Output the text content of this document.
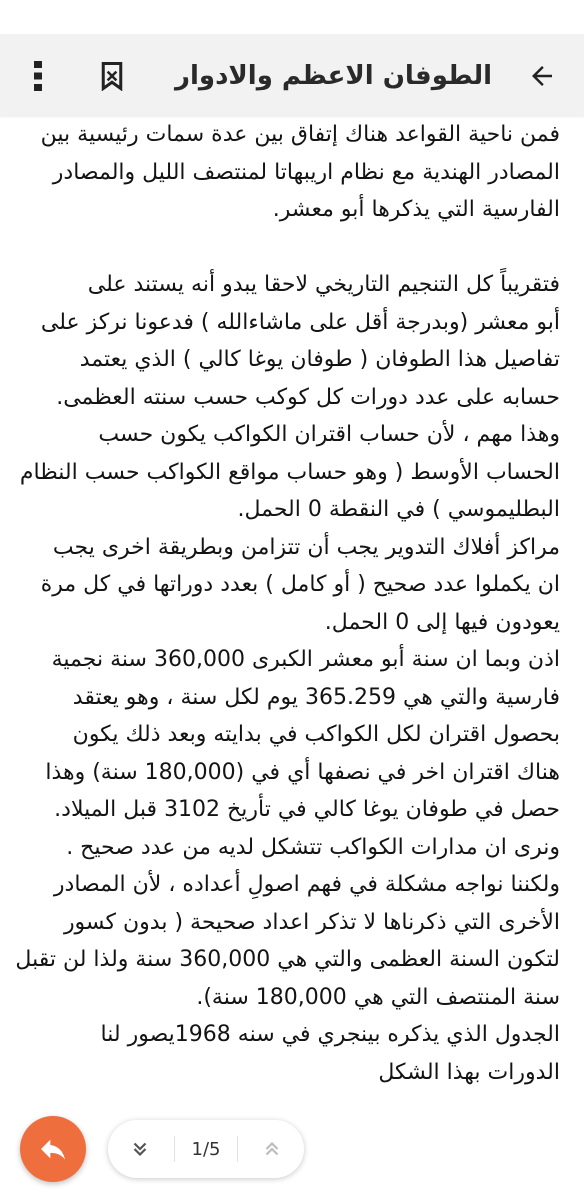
الطوفان الاعظم والادوار
فمن ناحية القواعد هناك إتفاق بين عدة سمات رئيسية بين
المصادر الهندية مع نظام اريبهاتا لمنتصف الليل والمصادر
الفارسية التي يذكرها أبو معشر.
فتقريباً كل التنجيم التاريخي لاحقا يبدو أنه يستند على
أبو معشر (وبدرجة أقل على ماشاءالله ) فدعونا نركز على
تفاصيل هذا الطوفان ( طوفان يوغا كالي ) الذي يعتمد
حسابه على عدد دورات كل كوكب حسب سنته العظمى.
وهذا مهم ، لأن حساب اقتران الكواكب يكون حسب
الحساب الأوسط ( وهو حساب مواقع الكواكب حسب النظام
البطليموسي ) في النقطة 0 الحمل.
مراكز أفلاك التدوير يجب أن تتزامن وبطريقة اخرى يجب
ان يكملوا عدد صحيح ( أو كامل ) بعدد دوراتها في كل مرة
يعودون فيها إلى 0 الحمل.
اذن وبما ان سنة أبو معشر الكبرى 360,000 سنة نجمية
فارسية والتي هي 365.259 يوم لكل سنة ، وهو يعتقد
بحصول اقتران لكل الكواكب في بدايته وبعد ذلك يكون
هناك اقتران اخر في نصفها أي في (180,000 سنة) وهذا
حصل في طوفان يوغا كالي في تأريخ 3102 قبل الميلاد.
ونرى ان مدارات الكواكب تتشكل لديه من عدد صحيح .
ولكننا نواجه مشكلة في فهم اصولِ أعداده ، لأن المصادر
الأخرى التي ذكرناها لا تذكر اعداد صحيحة ( بدون كسور
لتكون السنة العظمى والتي هي 360,000 سنة ولذا لن تقبل
سنة المنتصف التي هي 180,000 سنة).
الجدول الذي يذكره بينجري في سنه 1968يصور لنا
الدورات بهذا الشكل
1/5
